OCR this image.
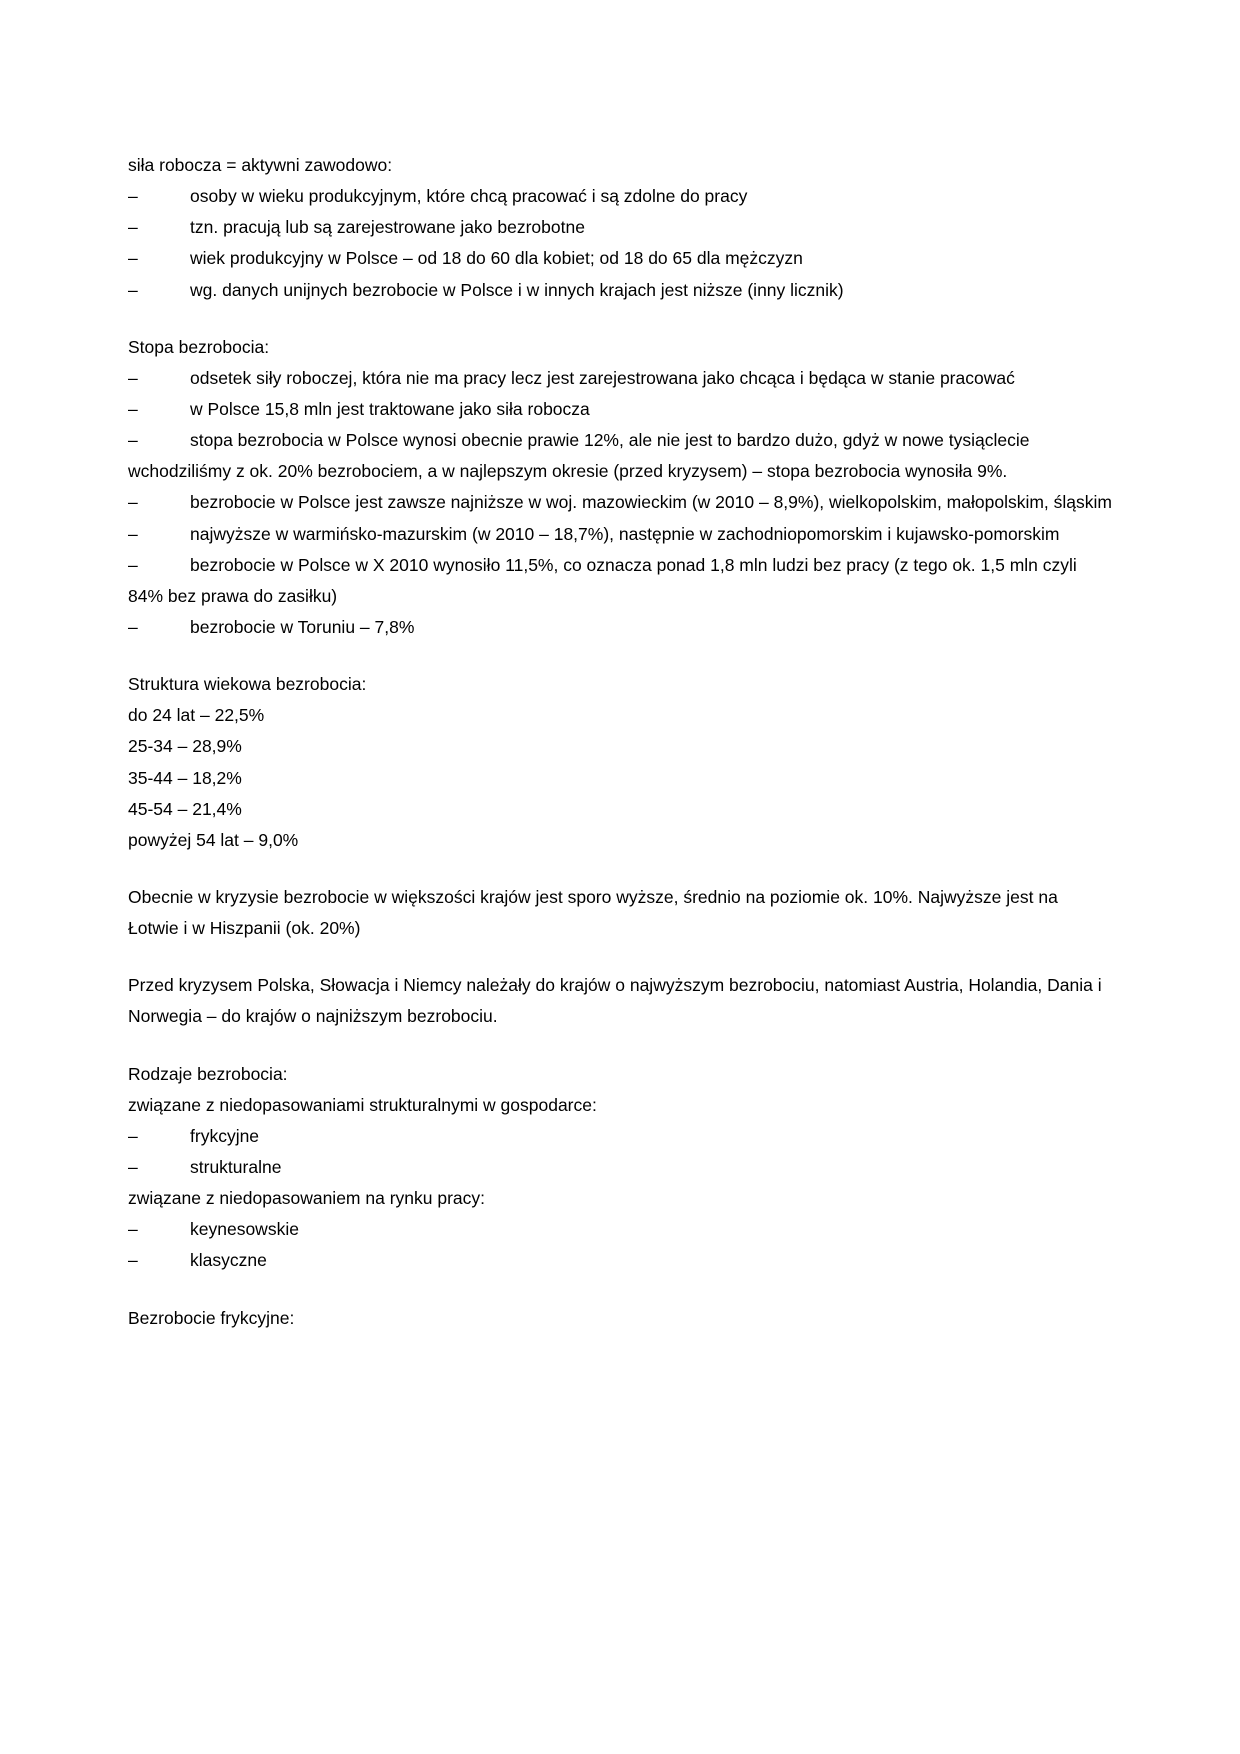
siła robocza = aktywni zawodowo:

–	osoby w wieku produkcyjnym, które chcą pracować i są zdolne do pracy

–	tzn. pracują lub są zarejestrowane jako bezrobotne

–	wiek produkcyjny w Polsce – od 18 do 60 dla kobiet; od 18 do 65 dla mężczyzn

–	wg. danych unijnych bezrobocie w Polsce i w innych krajach jest niższe (inny licznik)

Stopa bezrobocia:

–	odsetek siły roboczej, która nie ma pracy lecz jest zarejestrowana jako chcąca i będąca w stanie pracować

–	w Polsce 15,8 mln jest traktowane jako siła robocza

–	stopa bezrobocia w Polsce wynosi obecnie prawie 12%, ale nie jest to bardzo dużo, gdyż w nowe tysiąclecie wchodziliśmy z ok. 20% bezrobociem, a w najlepszym okresie (przed kryzysem) – stopa bezrobocia wynosiła 9%.

–	bezrobocie w Polsce jest zawsze najniższe w woj. mazowieckim (w 2010 – 8,9%), wielkopolskim, małopolskim, śląskim

–	najwyższe w warmińsko-mazurskim (w 2010 – 18,7%), następnie w zachodniopomorskim i kujawsko-pomorskim

–	bezrobocie w Polsce w X 2010 wynosiło 11,5%, co oznacza ponad 1,8 mln ludzi bez pracy (z tego ok. 1,5 mln czyli 84% bez prawa do zasiłku)

–	bezrobocie w Toruniu – 7,8%

Struktura wiekowa bezrobocia:

do 24 lat – 22,5%

25-34 – 28,9%

35-44 – 18,2%

45-54 – 21,4%

powyżej 54 lat – 9,0%

Obecnie w kryzysie bezrobocie w większości krajów jest sporo wyższe, średnio na poziomie ok. 10%. Najwyższe jest na Łotwie i w Hiszpanii (ok. 20%)

Przed kryzysem Polska, Słowacja i Niemcy należały do krajów o najwyższym bezrobociu, natomiast Austria, Holandia, Dania i Norwegia – do krajów o najniższym bezrobociu.

Rodzaje bezrobocia:

związane z niedopasowaniami strukturalnymi w gospodarce:

–	frykcyjne

–	strukturalne

związane z niedopasowaniem na rynku pracy:

–	keynesowskie

–	klasyczne

Bezrobocie frykcyjne:
